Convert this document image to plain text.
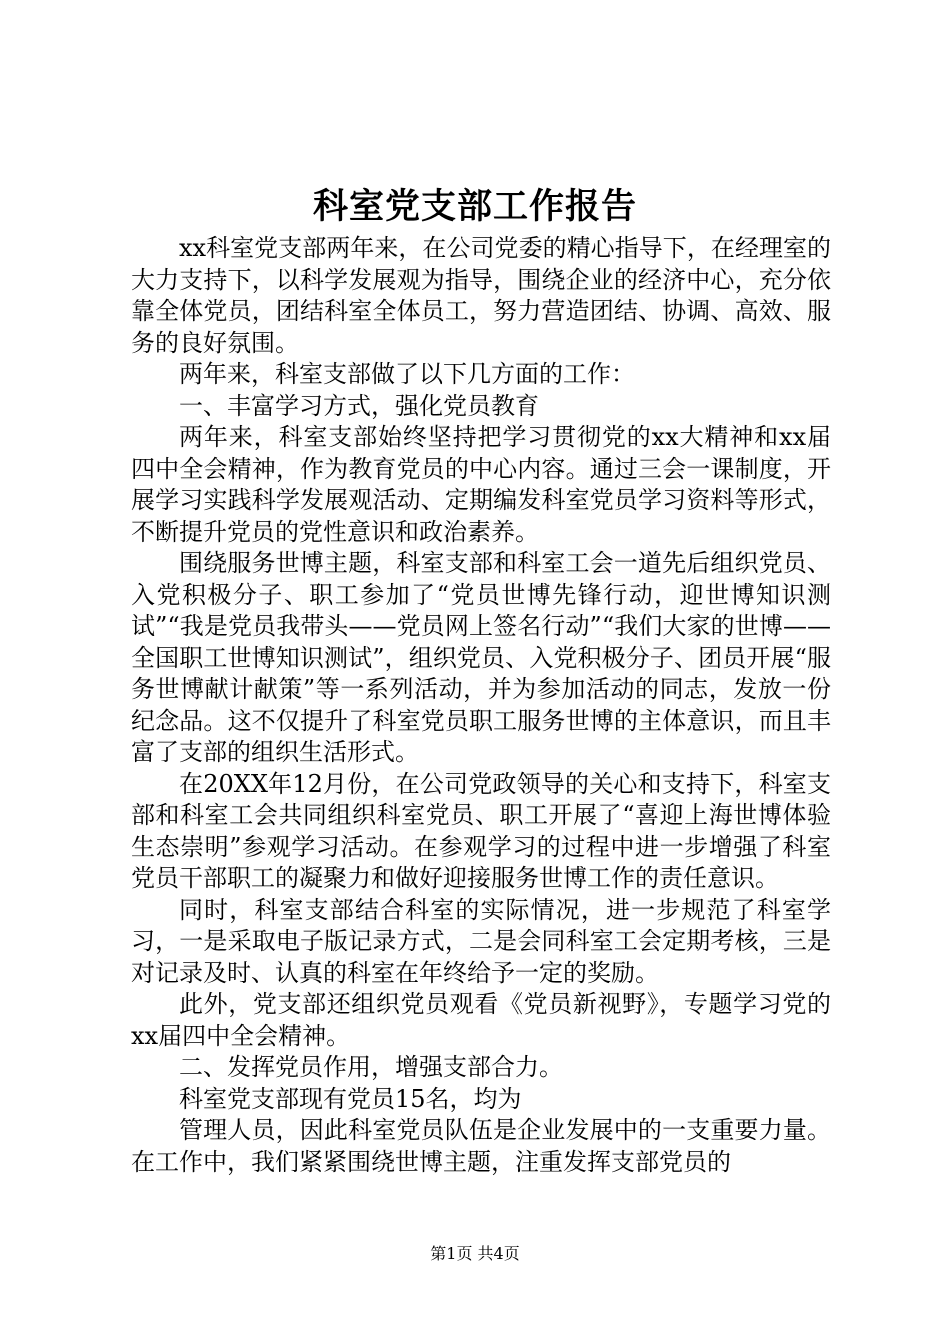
科室党支部工作报告

xx科室党支部两年来，在公司党委的精心指导下，在经理室的大力支持下，以科学发展观为指导，围绕企业的经济中心，充分依靠全体党员，团结科室全体员工，努力营造团结、协调、高效、服务的良好氛围。

两年来，科室支部做了以下几方面的工作：

一、丰富学习方式，强化党员教育

两年来，科室支部始终坚持把学习贯彻党的xx大精神和xx届四中全会精神，作为教育党员的中心内容。通过三会一课制度，开展学习实践科学发展观活动、定期编发科室党员学习资料等形式，不断提升党员的党性意识和政治素养。

围绕服务世博主题，科室支部和科室工会一道先后组织党员、入党积极分子、职工参加了“党员世博先锋行动，迎世博知识测试”“我是党员我带头——党员网上签名行动”“我们大家的世博——全国职工世博知识测试”，组织党员、入党积极分子、团员开展“服务世博献计献策”等一系列活动，并为参加活动的同志，发放一份纪念品。这不仅提升了科室党员职工服务世博的主体意识，而且丰富了支部的组织生活形式。

在20XX年12月份，在公司党政领导的关心和支持下，科室支部和科室工会共同组织科室党员、职工开展了“喜迎上海世博体验生态崇明”参观学习活动。在参观学习的过程中进一步增强了科室党员干部职工的凝聚力和做好迎接服务世博工作的责任意识。

同时，科室支部结合科室的实际情况，进一步规范了科室学习，一是采取电子版记录方式，二是会同科室工会定期考核，三是对记录及时、认真的科室在年终给予一定的奖励。

此外，党支部还组织党员观看《党员新视野》，专题学习党的xx届四中全会精神。

二、发挥党员作用，增强支部合力。

科室党支部现有党员15名，均为

管理人员，因此科室党员队伍是企业发展中的一支重要力量。在工作中，我们紧紧围绕世博主题，注重发挥支部党员的

第1页 共4页
